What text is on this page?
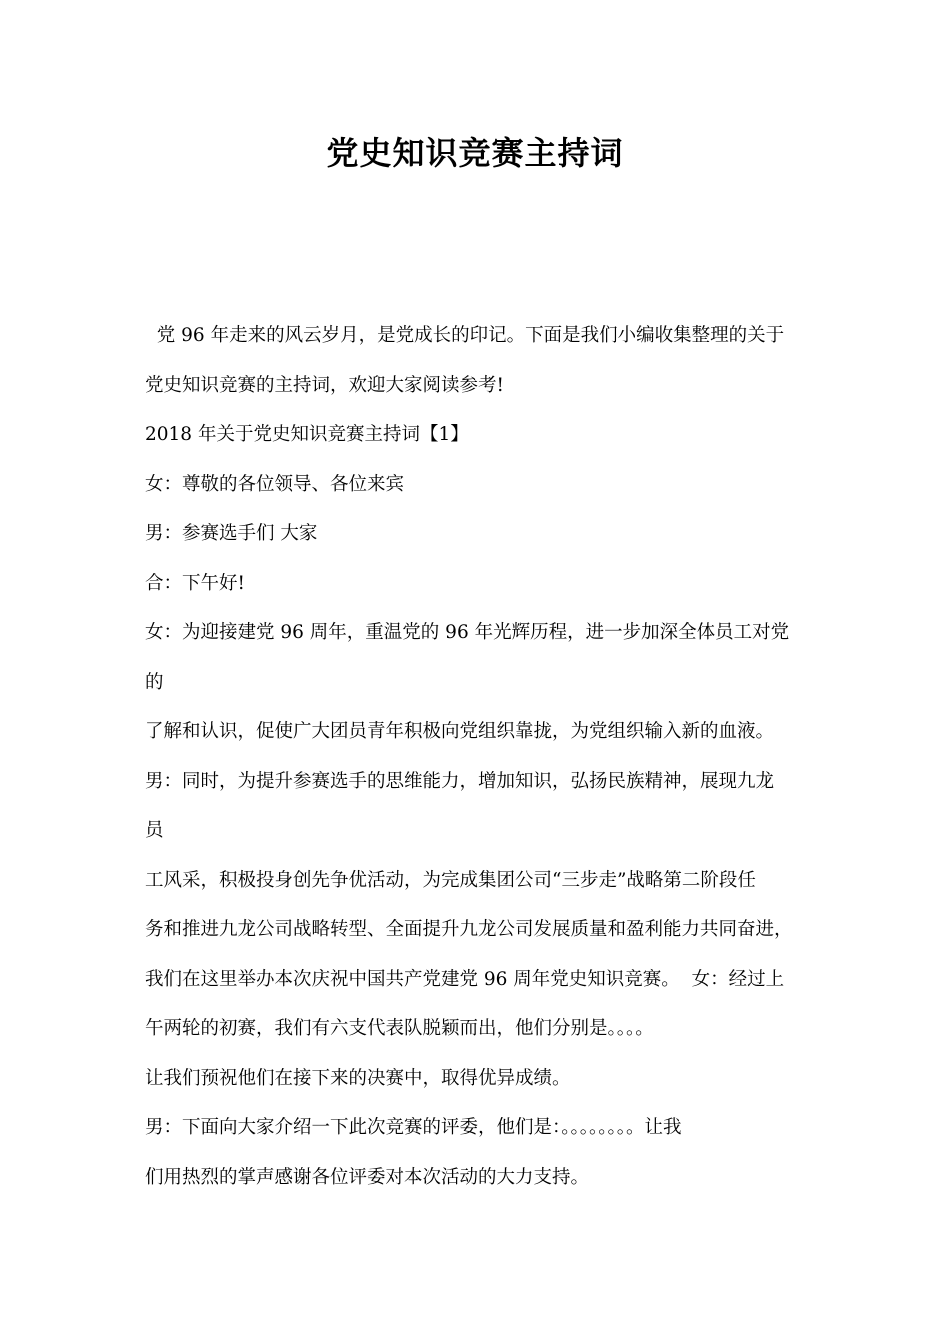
党史知识竞赛主持词
党 96 年走来的风云岁月，是党成长的印记。下面是我们小编收集整理的关于
党史知识竞赛的主持词，欢迎大家阅读参考!
2018 年关于党史知识竞赛主持词【1】
女：尊敬的各位领导、各位来宾
男：参赛选手们 大家
合：下午好!
女：为迎接建党 96 周年，重温党的 96 年光辉历程，进一步加深全体员工对党
的
了解和认识，促使广大团员青年积极向党组织靠拢，为党组织输入新的血液。
男：同时，为提升参赛选手的思维能力，增加知识，弘扬民族精神，展现九龙
员
工风采，积极投身创先争优活动，为完成集团公司“三步走”战略第二阶段任
务和推进九龙公司战略转型、全面提升九龙公司发展质量和盈利能力共同奋进，
我们在这里举办本次庆祝中国共产党建党 96 周年党史知识竞赛。  女：经过上
午两轮的初赛，我们有六支代表队脱颖而出，他们分别是。。。。
让我们预祝他们在接下来的决赛中，取得优异成绩。
男：下面向大家介绍一下此次竞赛的评委，他们是：。。。。。。。。让我
们用热烈的掌声感谢各位评委对本次活动的大力支持。
